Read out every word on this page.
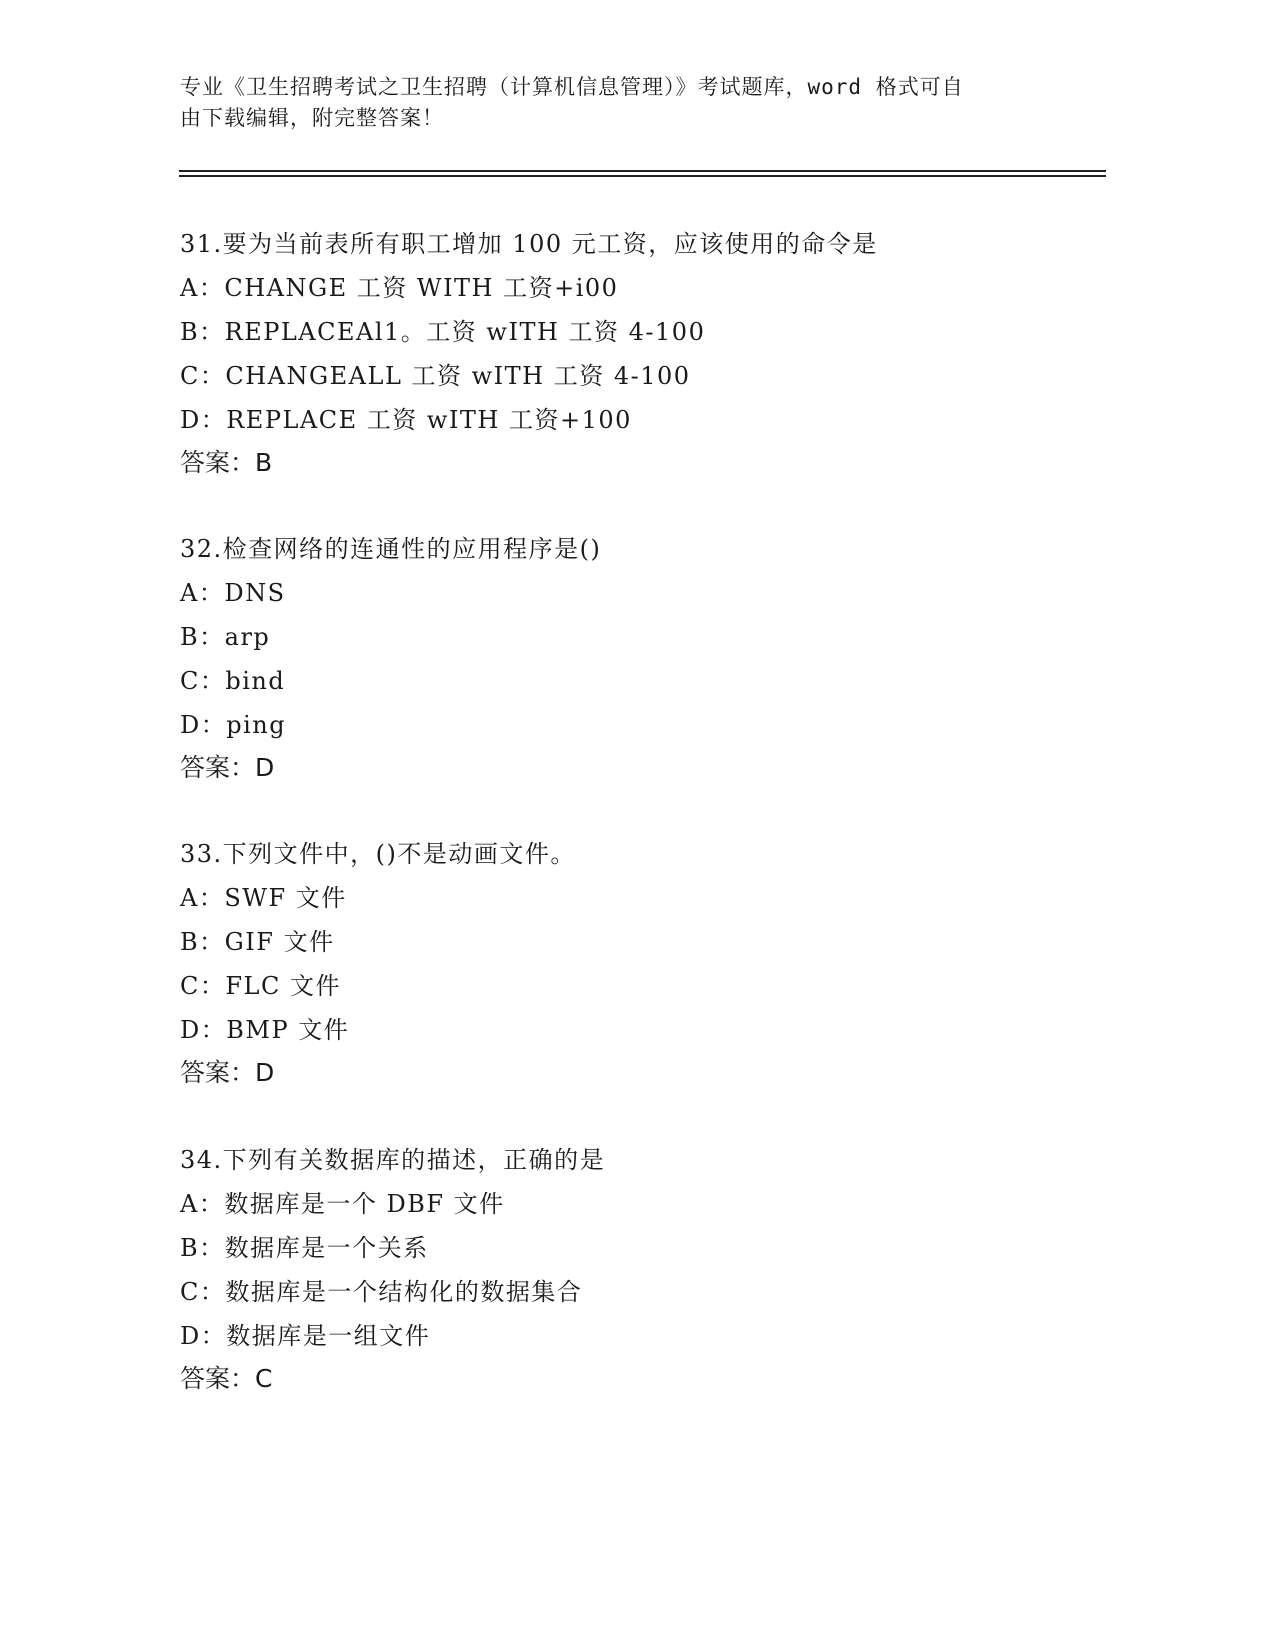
专业《卫生招聘考试之卫生招聘（计算机信息管理）》考试题库，word 格式可自

由下载编辑，附完整答案！

31.要为当前表所有职工增加 100 元工资，应该使用的命令是
A：CHANGE 工资 WITH 工资+i00
B：REPLACEAl1。工资 wITH 工资 4-100
C：CHANGEALL 工资 wITH 工资 4-100
D：REPLACE 工资 wITH 工资+100
答案：B
32.检查网络的连通性的应用程序是()
A：DNS
B：arp
C：bind
D：ping
答案：D
33.下列文件中，()不是动画文件。
A：SWF 文件
B：GIF 文件
C：FLC 文件
D：BMP 文件
答案：D
34.下列有关数据库的描述，正确的是
A：数据库是一个 DBF 文件
B：数据库是一个关系
C：数据库是一个结构化的数据集合
D：数据库是一组文件
答案：C
